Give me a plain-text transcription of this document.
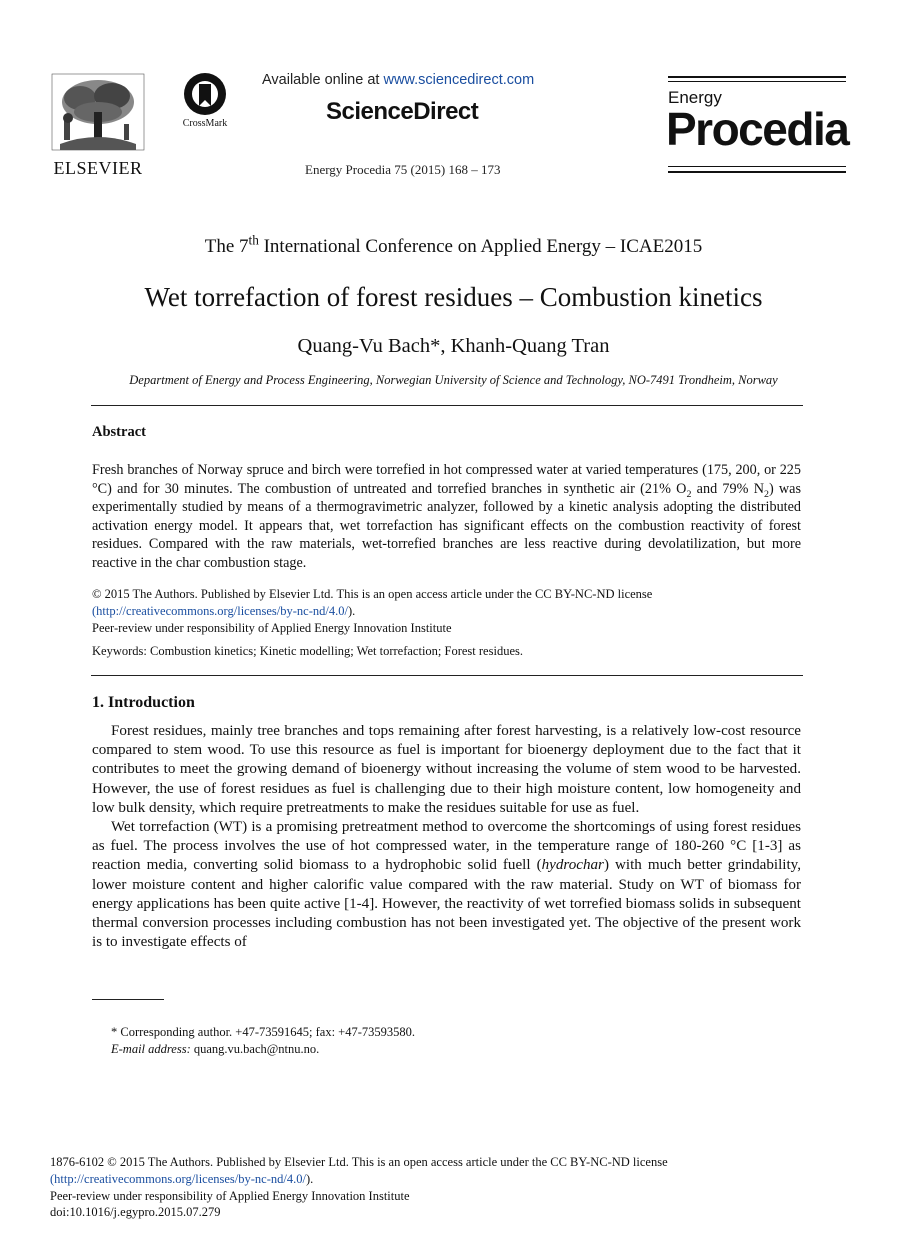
ELSEVIER
CrossMark
Available online at www.sciencedirect.com
ScienceDirect
Energy Procedia 75 (2015) 168 – 173
Energy
Procedia
The 7th International Conference on Applied Energy – ICAE2015
Wet torrefaction of forest residues – Combustion kinetics
Quang-Vu Bach*, Khanh-Quang Tran
Department of Energy and Process Engineering, Norwegian University of Science and Technology, NO-7491 Trondheim, Norway
Abstract
Fresh branches of Norway spruce and birch were torrefied in hot compressed water at varied temperatures (175, 200, or 225 °C) and for 30 minutes. The combustion of untreated and torrefied branches in synthetic air (21% $O_2$ and 79% $N_2$) was experimentally studied by means of a thermogravimetric analyzer, followed by a kinetic analysis adopting the distributed activation energy model. It appears that, wet torrefaction has significant effects on the combustion reactivity of forest residues. Compared with the raw materials, wet-torrefied branches are less reactive during devolatilization, but more reactive in the char combustion stage.
© 2015 The Authors. Published by Elsevier Ltd. This is an open access article under the CC BY-NC-ND license
(http://creativecommons.org/licenses/by-nc-nd/4.0/).
Peer-review under responsibility of Applied Energy Innovation Institute
Keywords: Combustion kinetics; Kinetic modelling; Wet torrefaction; Forest residues.
1. Introduction

Forest residues, mainly tree branches and tops remaining after forest harvesting, is a relatively low-cost resource compared to stem wood. To use this resource as fuel is important for bioenergy deployment due to the fact that it contributes to meet the growing demand of bioenergy without increasing the volume of stem wood to be harvested. However, the use of forest residues as fuel is challenging due to their high moisture content, low homogeneity and low bulk density, which require pretreatments to make the residues suitable for use as fuel.

Wet torrefaction (WT) is a promising pretreatment method to overcome the shortcomings of using forest residues as fuel. The process involves the use of hot compressed water, in the temperature range of 180-260 °C [1-3] as reaction media, converting solid biomass to a hydrophobic solid fuell (hydrochar) with much better grindability, lower moisture content and higher calorific value compared with the raw material. Study on WT of biomass for energy applications has been quite active [1-4]. However, the reactivity of wet torrefied biomass solids in subsequent thermal conversion processes including combustion has not been investigated yet. The objective of the present work is to investigate effects of

* Corresponding author. +47-73591645; fax: +47-73593580.
E-mail address: quang.vu.bach@ntnu.no.
1876-6102 © 2015 The Authors. Published by Elsevier Ltd. This is an open access article under the CC BY-NC-ND license
(http://creativecommons.org/licenses/by-nc-nd/4.0/).
Peer-review under responsibility of Applied Energy Innovation Institute
doi:10.1016/j.egypro.2015.07.279
